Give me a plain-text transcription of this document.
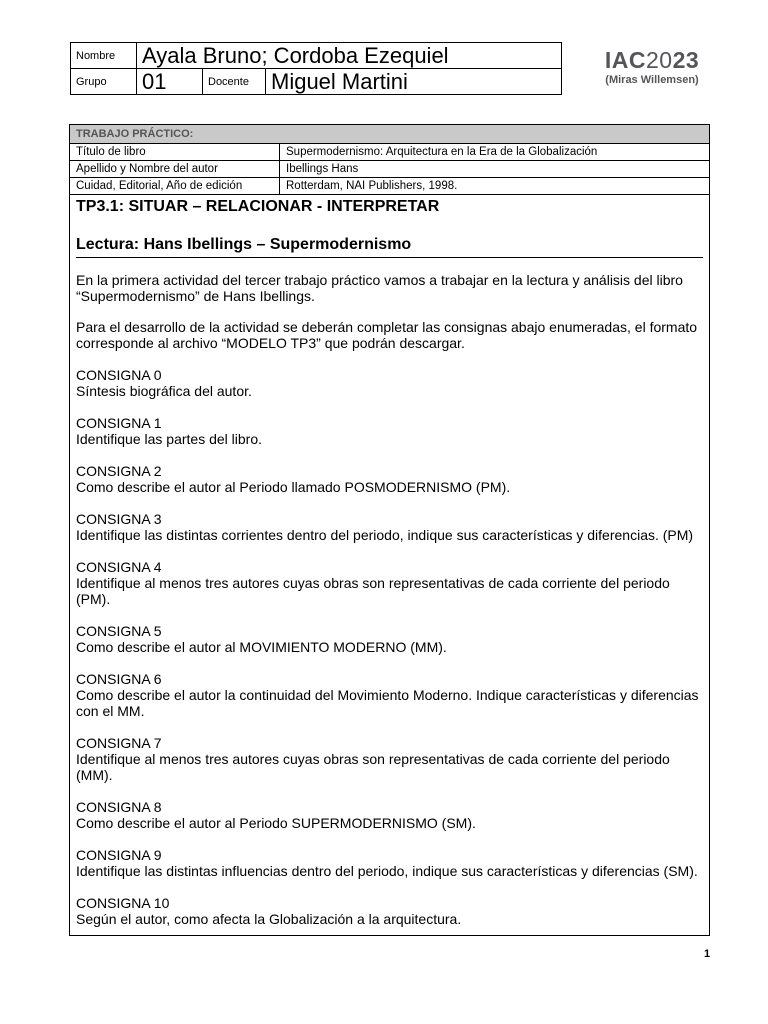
Nombre	Ayala Bruno; Cordoba Ezequiel		
Grupo	01	Docente	Miguel Martini
IAC2023
(Miras Willemsen)
TRABAJO PRÁCTICO:
Título de libro	Supermodernismo: Arquitectura en la Era de la Globalización
Apellido y Nombre del autor	Ibellings Hans
Cuidad, Editorial, Año de edición	Rotterdam, NAI Publishers, 1998.
TP3.1: SITUAR – RELACIONAR - INTERPRETAR
Lectura: Hans Ibellings – Supermodernismo

En la primera actividad del tercer trabajo práctico vamos a trabajar en la lectura y análisis del libro “Supermodernismo” de Hans Ibellings.

Para el desarrollo de la actividad se deberán completar las consignas abajo enumeradas, el formato corresponde al archivo “MODELO TP3” que podrán descargar.

CONSIGNA 0

Síntesis biográfica del autor.

CONSIGNA 1

Identifique las partes del libro.

CONSIGNA 2

Como describe el autor al Periodo llamado POSMODERNISMO (PM).

CONSIGNA 3

Identifique las distintas corrientes dentro del periodo, indique sus características y diferencias. (PM)

CONSIGNA 4

Identifique al menos tres autores cuyas obras son representativas de cada corriente del periodo (PM).

CONSIGNA 5

Como describe el autor al MOVIMIENTO MODERNO (MM).

CONSIGNA 6

Como describe el autor la continuidad del Movimiento Moderno. Indique características y diferencias con el MM.

CONSIGNA 7

Identifique al menos tres autores cuyas obras son representativas de cada corriente del periodo (MM).

CONSIGNA 8

Como describe el autor al Periodo SUPERMODERNISMO (SM).

CONSIGNA 9

Identifique las distintas influencias dentro del periodo, indique sus características y diferencias (SM).

CONSIGNA 10

Según el autor, como afecta la Globalización a la arquitectura.

1
